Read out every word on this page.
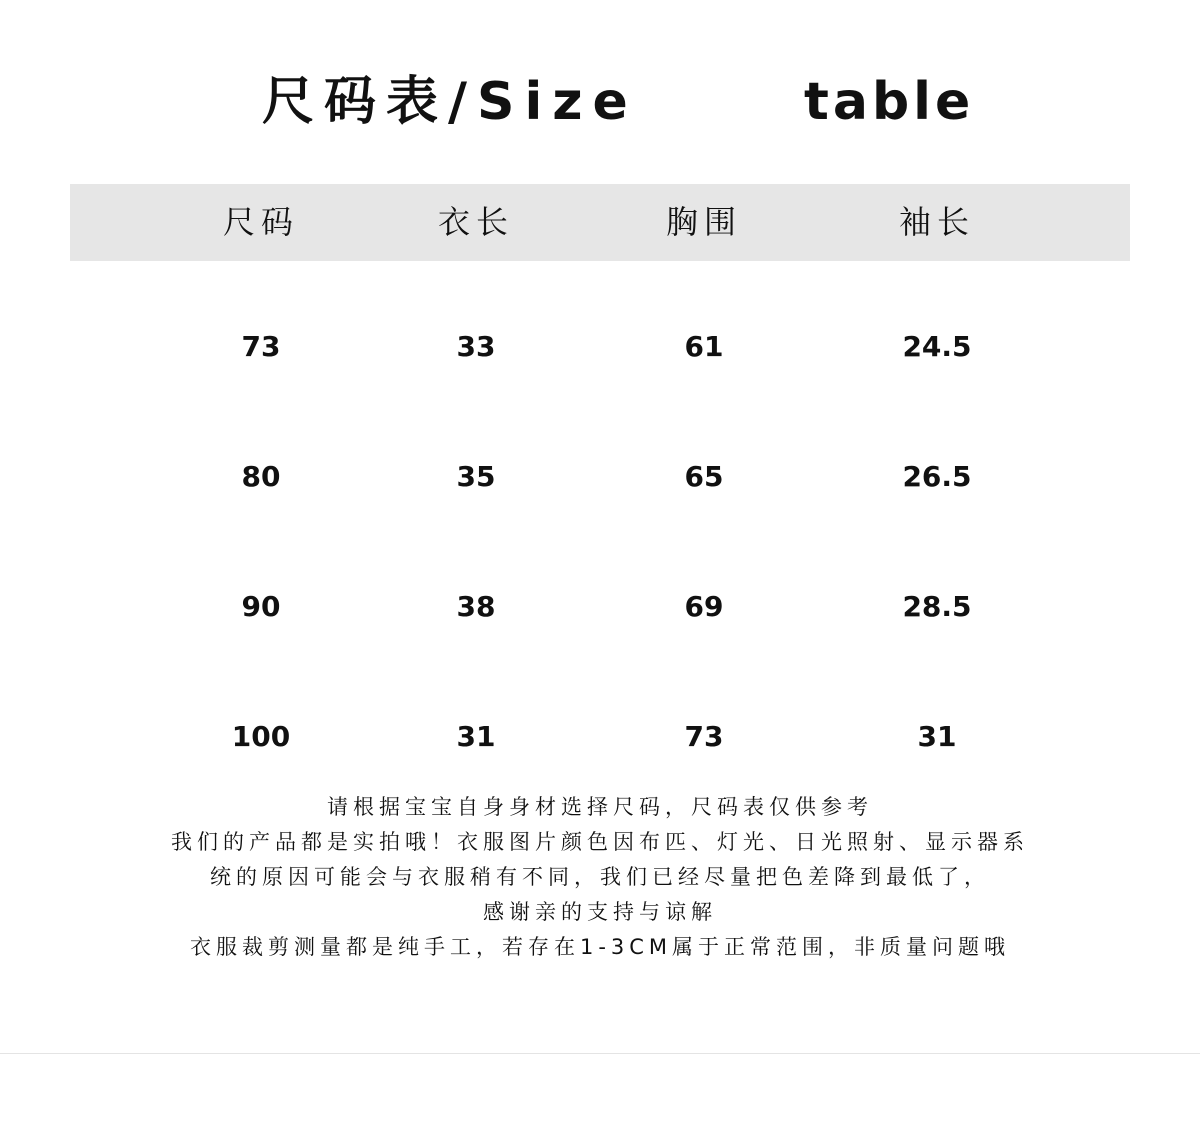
尺码表/Size	table
尺码	衣长	胸围	袖长
73	33	61	24.5
80	35	65	26.5
90	38	69	28.5
100	31	73	31
请根据宝宝自身身材选择尺码，尺码表仅供参考
我们的产品都是实拍哦！衣服图片颜色因布匹、灯光、日光照射、显示器系
统的原因可能会与衣服稍有不同，我们已经尽量把色差降到最低了，
感谢亲的支持与谅解
衣服裁剪测量都是纯手工，若存在1-3CM属于正常范围，非质量问题哦
